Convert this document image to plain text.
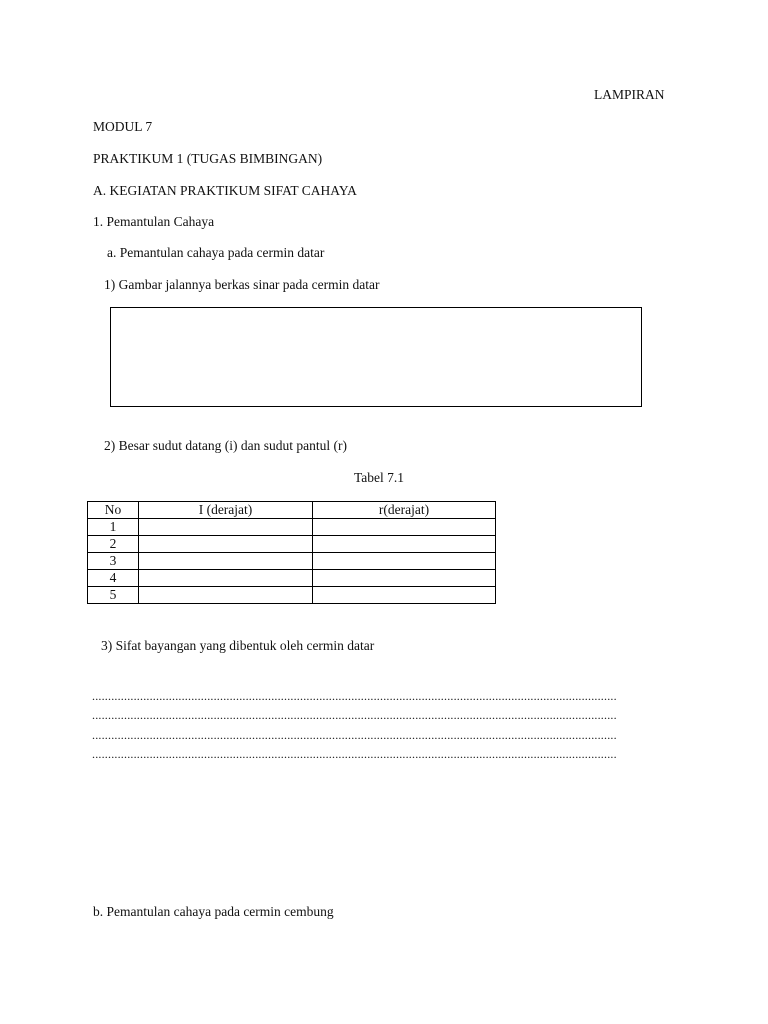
LAMPIRAN
MODUL 7
PRAKTIKUM 1 (TUGAS BIMBINGAN)
A. KEGIATAN PRAKTIKUM SIFAT CAHAYA
1. Pemantulan Cahaya
a. Pemantulan cahaya pada cermin datar
1) Gambar jalannya berkas sinar pada cermin datar
2) Besar sudut datang (i) dan sudut pantul (r)
Tabel 7.1
No	I (derajat)	r(derajat)
1		
2		
3		
4		
5		
3) Sifat bayangan yang dibentuk oleh cermin datar
....................................................................................................................................................................
....................................................................................................................................................................
....................................................................................................................................................................
....................................................................................................................................................................
b. Pemantulan cahaya pada cermin cembung
